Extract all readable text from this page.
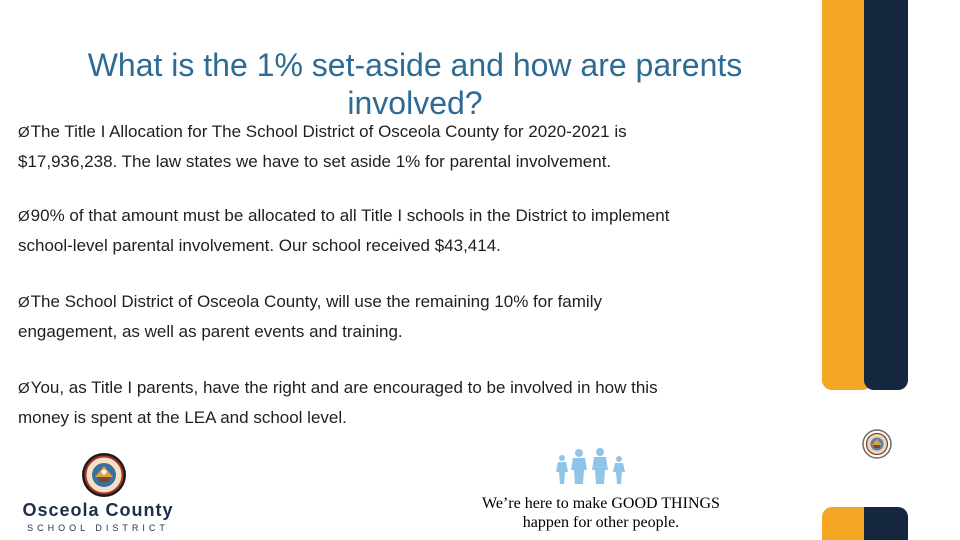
What is the 1% set-aside and how are parents involved?
ØThe Title I Allocation for The School District of Osceola County for 2020-2021 is $17,936,238. The law states we have to set aside 1% for parental involvement.
Ø90% of that amount must be allocated to all Title I schools in the District to implement school-level parental involvement. Our school received $43,414.
ØThe School District of Osceola County, will use the remaining 10% for family engagement, as well as parent events and training.
ØYou, as Title I parents, have the right and are encouraged to be involved in how this money is spent at the LEA and school level.
Osceola County
SCHOOL DISTRICT
We’re here to make GOOD THINGS happen for other people.
